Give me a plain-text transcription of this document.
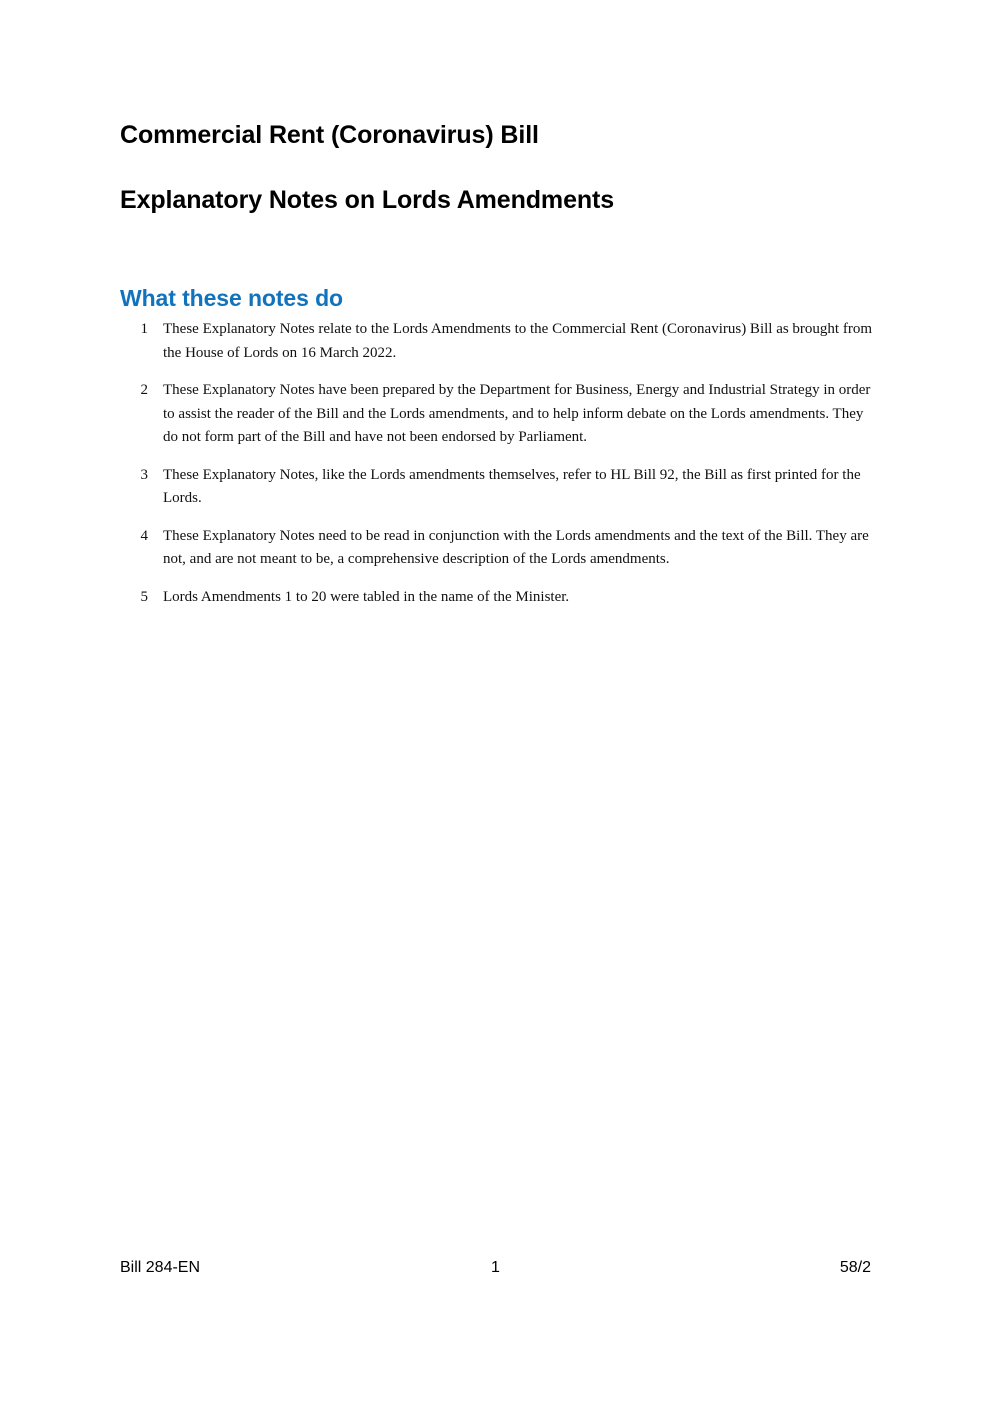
Commercial Rent (Coronavirus) Bill
Explanatory Notes on Lords Amendments
What these notes do
1	These Explanatory Notes relate to the Lords Amendments to the Commercial Rent (Coronavirus) Bill as brought from the House of Lords on 16 March 2022.
2	These Explanatory Notes have been prepared by the Department for Business, Energy and Industrial Strategy in order to assist the reader of the Bill and the Lords amendments, and to help inform debate on the Lords amendments. They do not form part of the Bill and have not been endorsed by Parliament.
3	These Explanatory Notes, like the Lords amendments themselves, refer to HL Bill 92, the Bill as first printed for the Lords.
4	These Explanatory Notes need to be read in conjunction with the Lords amendments and the text of the Bill. They are not, and are not meant to be, a comprehensive description of the Lords amendments.
5	Lords Amendments 1 to 20 were tabled in the name of the Minister.
Bill 284-EN	1	58/2
